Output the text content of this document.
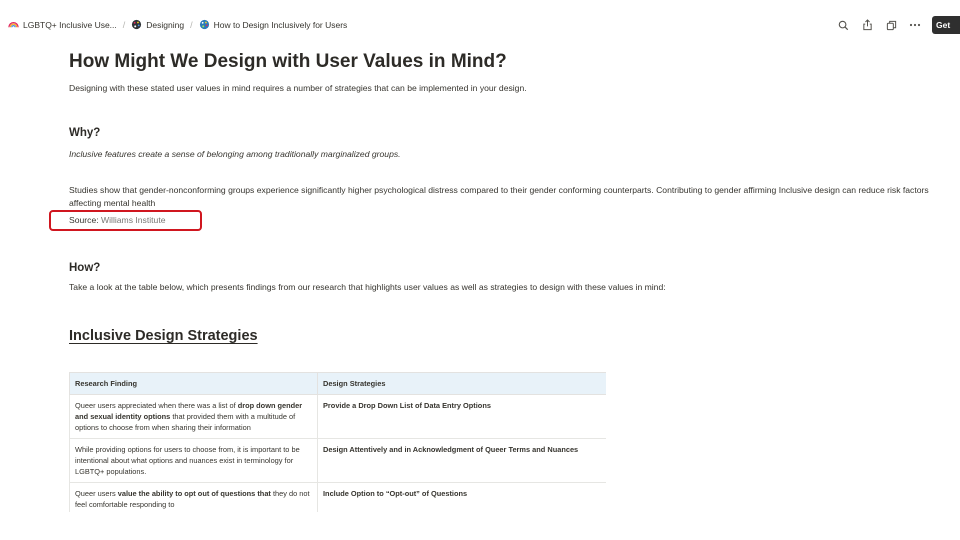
LGBTQ+ Inclusive Use... / Designing / How to Design Inclusively for Users	Get
How Might We Design with User Values in Mind?
Designing with these stated user values in mind requires a number of strategies that can be implemented in your design.
Why?
Inclusive features create a sense of belonging among traditionally marginalized groups.
Studies show that gender-nonconforming groups experience significantly higher psychological distress compared to their gender conforming counterparts. Contributing to gender affirming Inclusive design can reduce risk factors affecting mental health
Source: Williams Institute
How?
Take a look at the table below, which presents findings from our research that highlights user values as well as strategies to design with these values in mind:
Inclusive Design Strategies
Research Finding	Design Strategies
Queer users appreciated when there was a list of drop down gender and sexual identity options that provided them with a multitude of options to choose from when sharing their information	Provide a Drop Down List of Data Entry Options
While providing options for users to choose from, it is important to be intentional about what options and nuances exist in terminology for LGBTQ+ populations.	Design Attentively and in Acknowledgment of Queer Terms and Nuances
Queer users value the ability to opt out of questions that they do not feel comfortable responding to	Include Option to “Opt-out” of Questions
